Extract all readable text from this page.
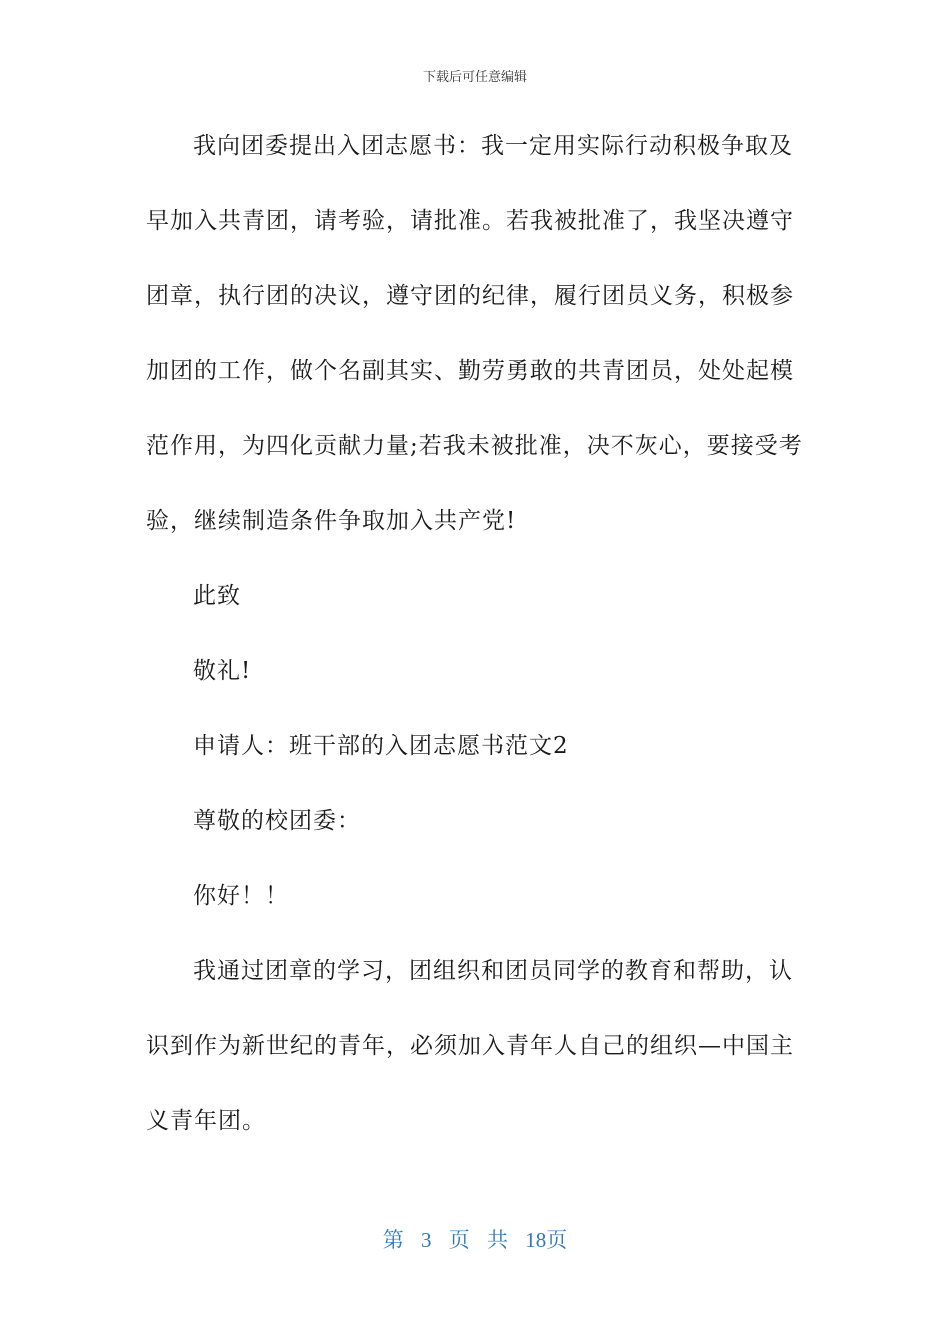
下载后可任意编辑
我向团委提出入团志愿书：我一定用实际行动积极争取及
早加入共青团，请考验，请批准。若我被批准了，我坚决遵守
团章，执行团的决议，遵守团的纪律，履行团员义务，积极参
加团的工作，做个名副其实、勤劳勇敢的共青团员，处处起模
范作用，为四化贡献力量;若我未被批准，决不灰心，要接受考
验，继续制造条件争取加入共产党!
此致
敬礼!
申请人：班干部的入团志愿书范文2
尊敬的校团委：
你好！！
我通过团章的学习，团组织和团员同学的教育和帮助，认
识到作为新世纪的青年，必须加入青年人自己的组织—中国主
义青年团。
第 3 页 共 18页
